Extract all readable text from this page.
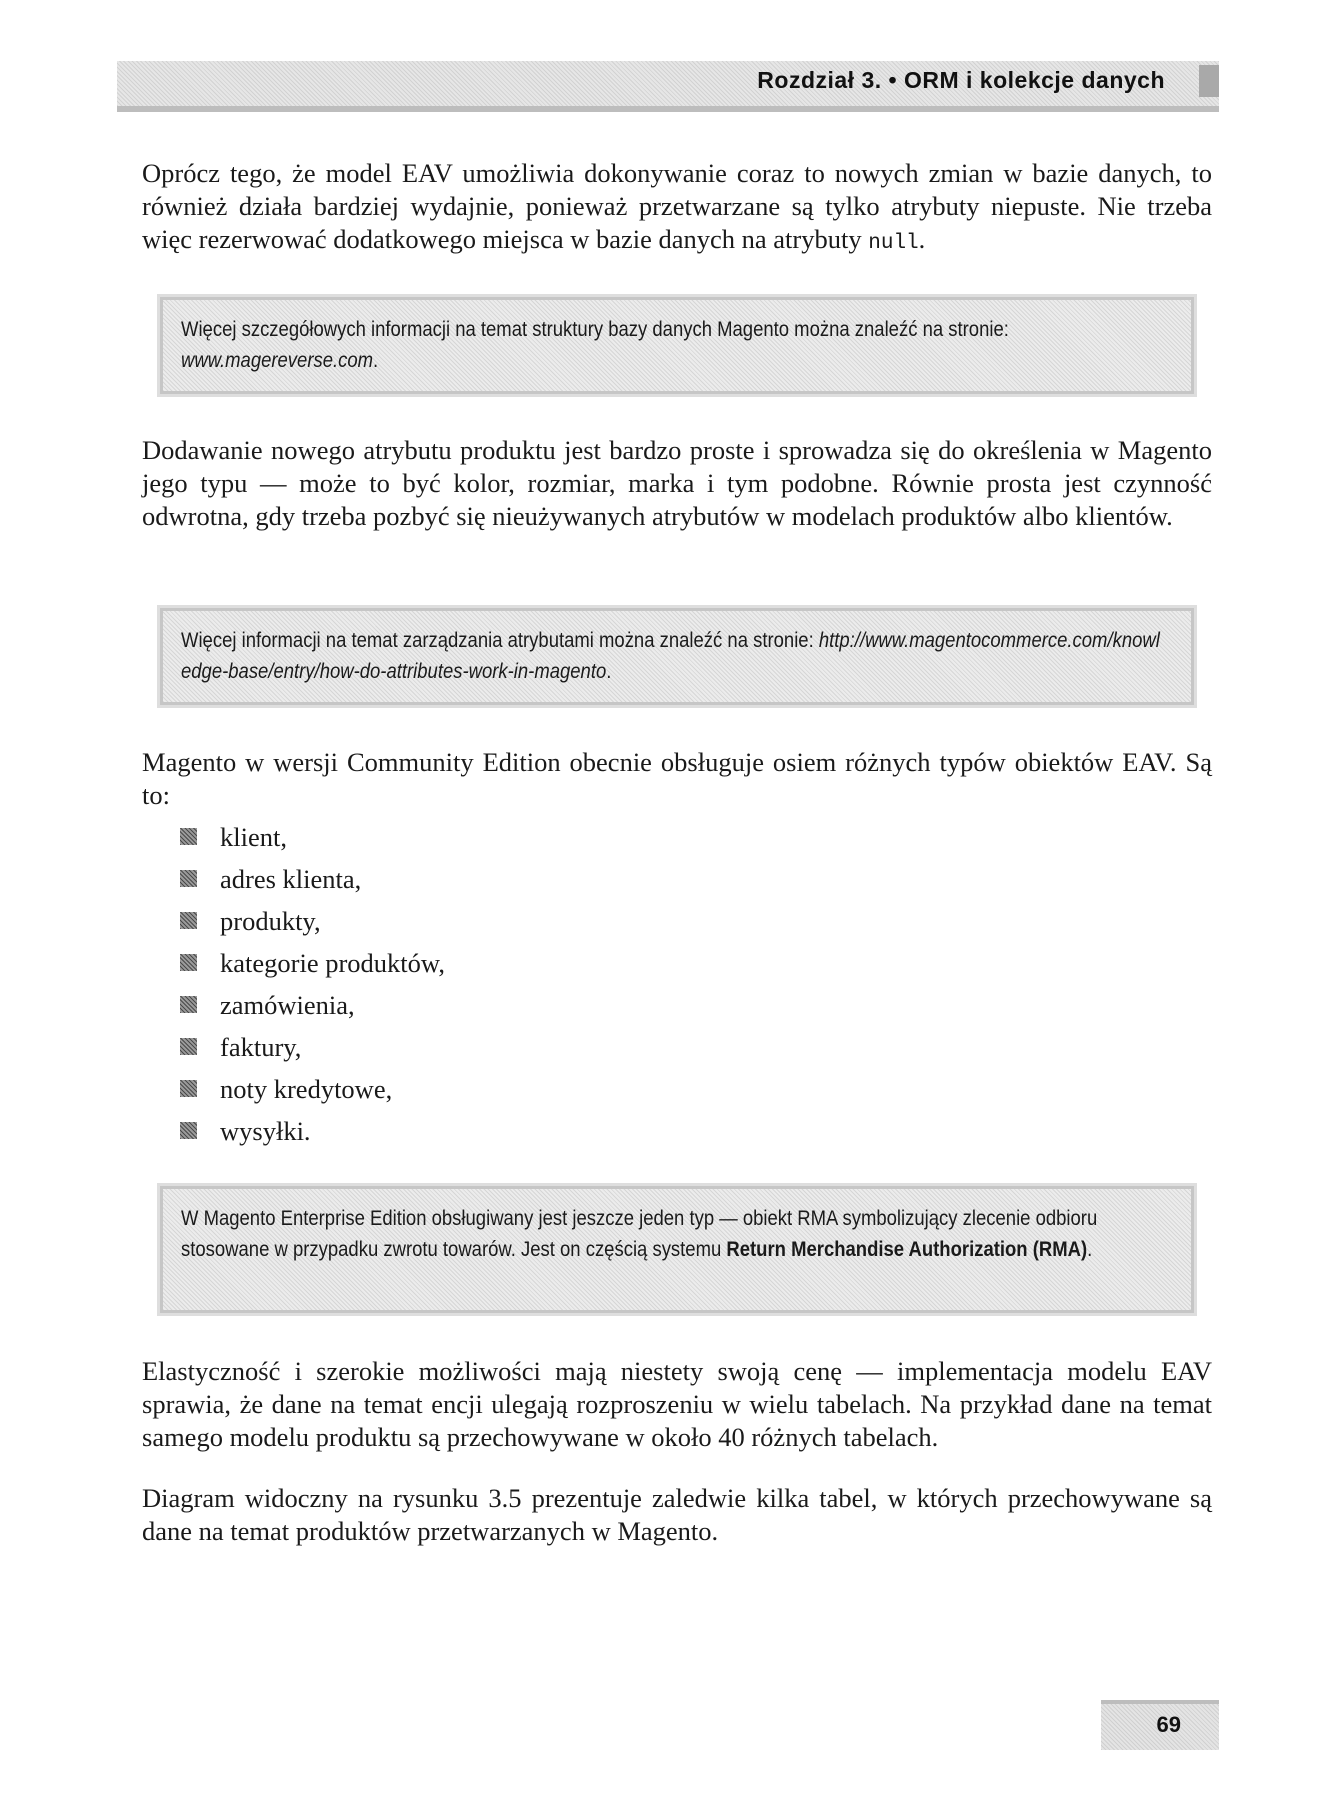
Rozdział 3. • ORM i kolekcje danych

Oprócz tego, że model EAV umożliwia dokonywanie coraz to nowych zmian w bazie danych, to również działa bardziej wydajnie, ponieważ przetwarzane są tylko atrybuty niepuste. Nie trzeba więc rezerwować dodatkowego miejsca w bazie danych na atrybuty null.

Więcej szczegółowych informacji na temat struktury bazy danych Magento można znaleźć na stronie: www.magereverse.com.

Dodawanie nowego atrybutu produktu jest bardzo proste i sprowadza się do określenia w Magento jego typu — może to być kolor, rozmiar, marka i tym podobne. Równie prosta jest czynność odwrotna, gdy trzeba pozbyć się nieużywanych atrybutów w modelach produktów albo klientów.

Więcej informacji na temat zarządzania atrybutami można znaleźć na stronie: http://www.magentocommerce.com/knowledge-base/entry/how-do-attributes-work-in-magento.

Magento w wersji Community Edition obecnie obsługuje osiem różnych typów obiektów EAV. Są to:

klient,
adres klienta,
produkty,
kategorie produktów,
zamówienia,
faktury,
noty kredytowe,
wysyłki.

W Magento Enterprise Edition obsługiwany jest jeszcze jeden typ — obiekt RMA symbolizujący zlecenie odbioru stosowane w przypadku zwrotu towarów. Jest on częścią systemu Return Merchandise Authorization (RMA).

Elastyczność i szerokie możliwości mają niestety swoją cenę — implementacja modelu EAV sprawia, że dane na temat encji ulegają rozproszeniu w wielu tabelach. Na przykład dane na temat samego modelu produktu są przechowywane w około 40 różnych tabelach.

Diagram widoczny na rysunku 3.5 prezentuje zaledwie kilka tabel, w których przechowywane są dane na temat produktów przetwarzanych w Magento.

69
